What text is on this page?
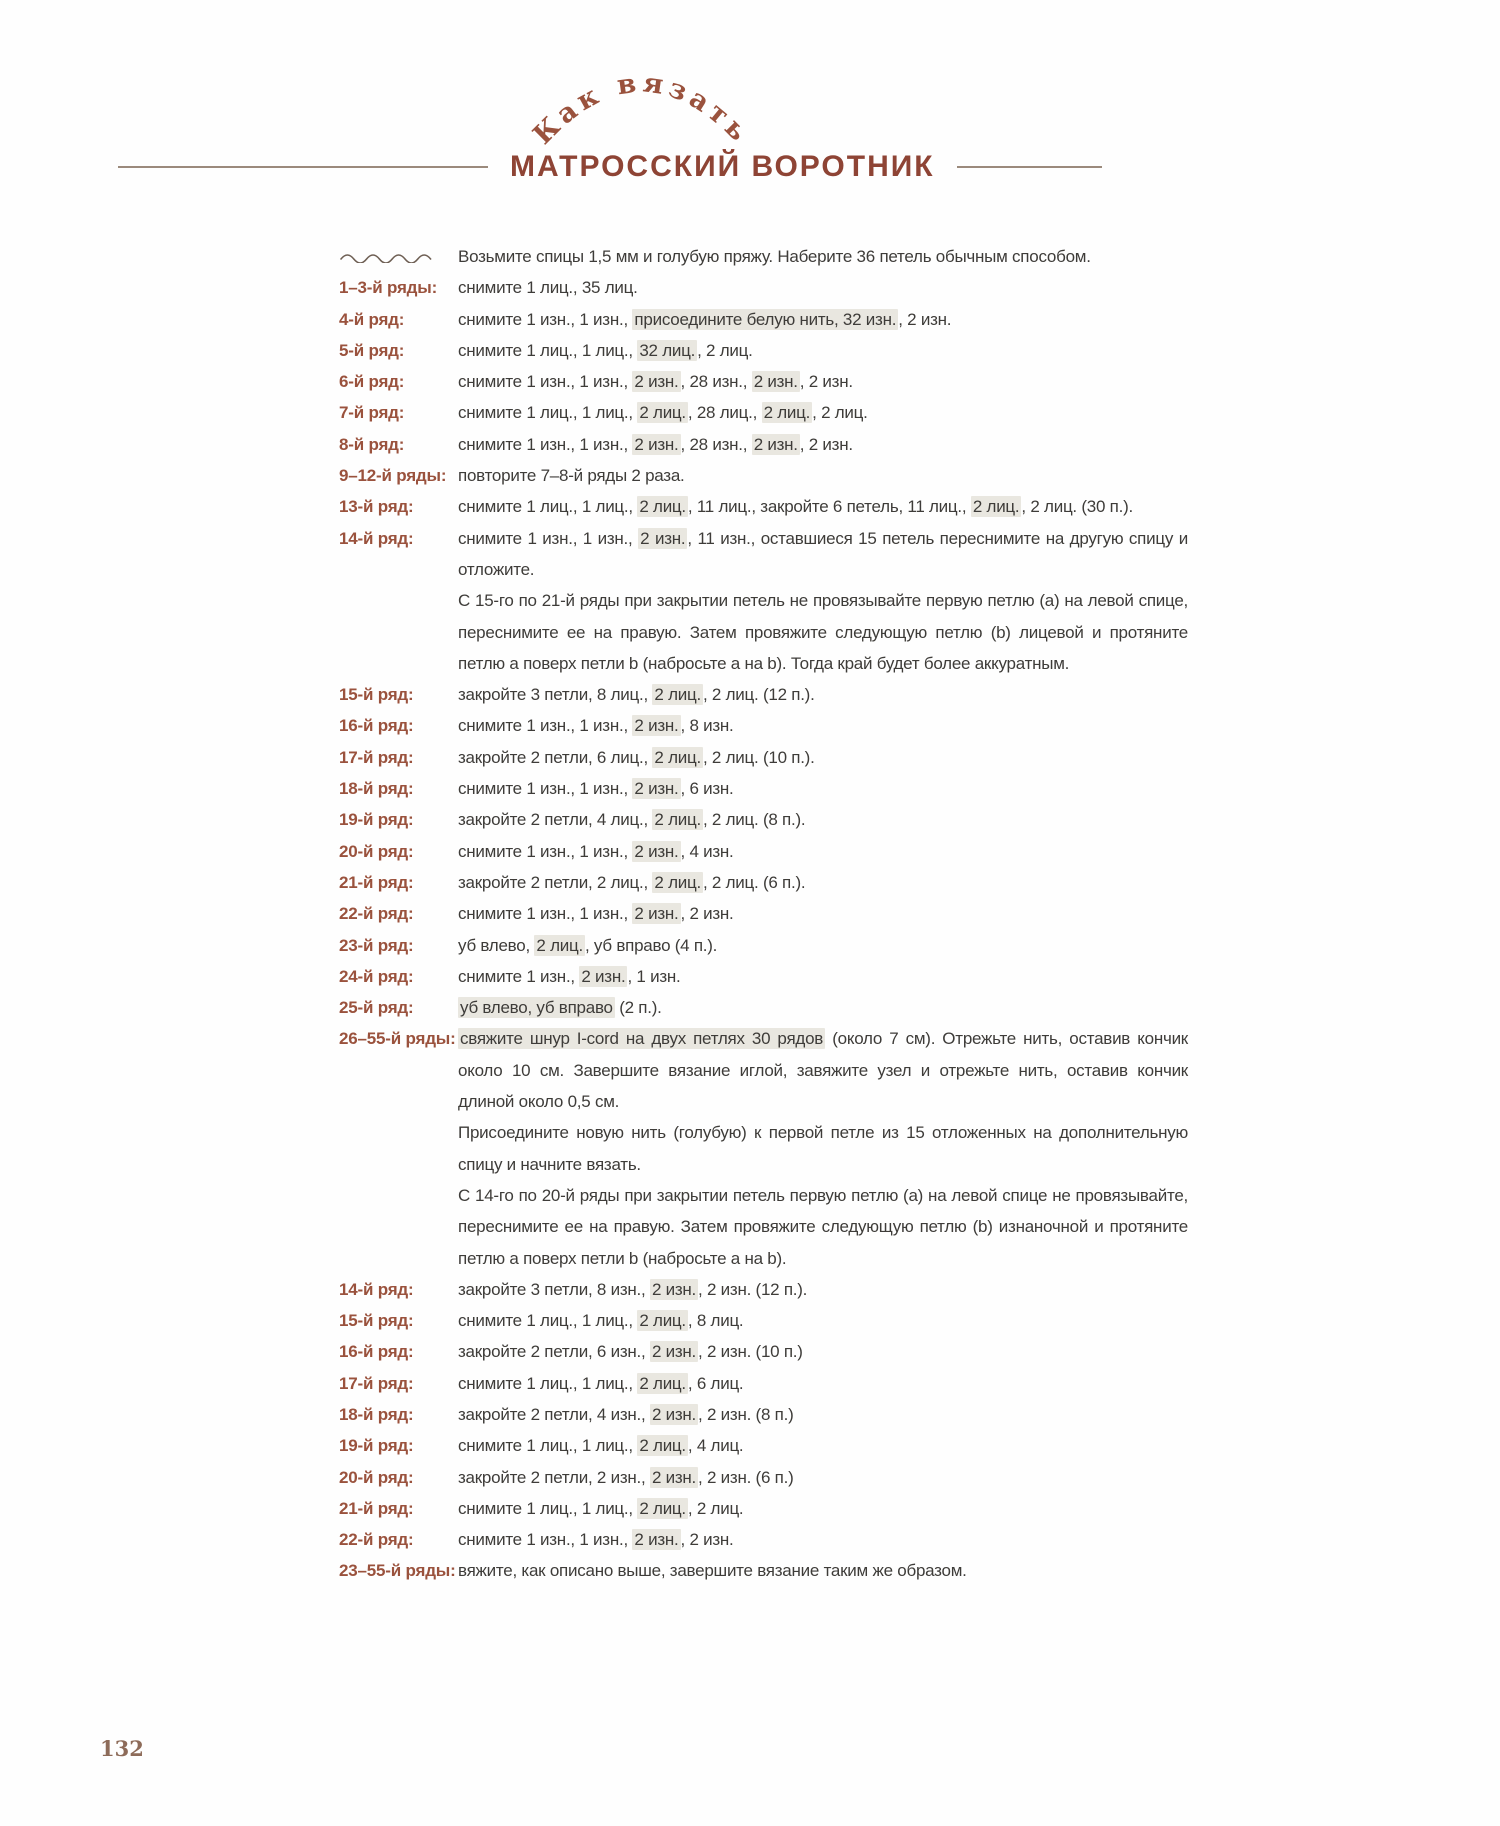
Как вязать
МАТРОССКИЙ ВОРОТНИК
Возьмите спицы 1,5 мм и голубую пряжу. Наберите 36 петель обычным способом.
1–3-й ряды:	снимите 1 лиц., 35 лиц.
4-й ряд:	снимите 1 изн., 1 изн., присоедините белую нить, 32 изн. , 2 изн.
5-й ряд:	снимите 1 лиц., 1 лиц., 32 лиц. , 2 лиц.
6-й ряд:	снимите 1 изн., 1 изн., 2 изн. , 28 изн., 2 изн. , 2 изн.
7-й ряд:	снимите 1 лиц., 1 лиц., 2 лиц. , 28 лиц., 2 лиц. , 2 лиц.
8-й ряд:	снимите 1 изн., 1 изн., 2 изн. , 28 изн., 2 изн. , 2 изн.
9–12-й ряды: повторите 7–8-й ряды 2 раза.
13-й ряд:	снимите 1 лиц., 1 лиц., 2 лиц. , 11 лиц., закройте 6 петель, 11 лиц., 2 лиц. , 2 лиц. (30 п.).
14-й ряд:	снимите 1 изн., 1 изн., 2 изн. , 11 изн., оставшиеся 15 петель переснимите на другую спицу и отложите.
С 15-го по 21-й ряды при закрытии петель не провязывайте первую петлю (a) на левой спице, переснимите ее на правую. Затем провяжите следующую петлю (b) лицевой и протяните петлю a поверх петли b (набросьте a на b). Тогда край будет более аккуратным.
15-й ряд:	закройте 3 петли, 8 лиц., 2 лиц. , 2 лиц. (12 п.).
16-й ряд:	снимите 1 изн., 1 изн., 2 изн. , 8 изн.
17-й ряд:	закройте 2 петли, 6 лиц., 2 лиц. , 2 лиц. (10 п.).
18-й ряд:	снимите 1 изн., 1 изн., 2 изн. , 6 изн.
19-й ряд:	закройте 2 петли, 4 лиц., 2 лиц. , 2 лиц. (8 п.).
20-й ряд:	снимите 1 изн., 1 изн., 2 изн. , 4 изн.
21-й ряд:	закройте 2 петли, 2 лиц., 2 лиц. , 2 лиц. (6 п.).
22-й ряд:	снимите 1 изн., 1 изн., 2 изн. , 2 изн.
23-й ряд:	уб влево, 2 лиц. , уб вправо (4 п.).
24-й ряд:	снимите 1 изн., 2 изн. , 1 изн.
25-й ряд:	уб влево, уб вправо (2 п.).
26–55-й ряды: свяжите шнур I-cord на двух петлях 30 рядов (около 7 см). Отрежьте нить, оставив кончик около 10 см. Завершите вязание иглой, завяжите узел и отрежьте нить, оставив кончик длиной около 0,5 см.
Присоедините новую нить (голубую) к первой петле из 15 отложенных на дополнительную спицу и начните вязать.
С 14-го по 20-й ряды при закрытии петель первую петлю (a) на левой спице не провязывайте, переснимите ее на правую. Затем провяжите следующую петлю (b) изнаночной и протяните петлю a поверх петли b (набросьте a на b).
14-й ряд:	закройте 3 петли, 8 изн., 2 изн. , 2 изн. (12 п.).
15-й ряд:	снимите 1 лиц., 1 лиц., 2 лиц. , 8 лиц.
16-й ряд:	закройте 2 петли, 6 изн., 2 изн. , 2 изн. (10 п.)
17-й ряд:	снимите 1 лиц., 1 лиц., 2 лиц. , 6 лиц.
18-й ряд:	закройте 2 петли, 4 изн., 2 изн. , 2 изн. (8 п.)
19-й ряд:	снимите 1 лиц., 1 лиц., 2 лиц. , 4 лиц.
20-й ряд:	закройте 2 петли, 2 изн., 2 изн. , 2 изн. (6 п.)
21-й ряд:	снимите 1 лиц., 1 лиц., 2 лиц. , 2 лиц.
22-й ряд:	снимите 1 изн., 1 изн., 2 изн. , 2 изн.
23–55-й ряды: вяжите, как описано выше, завершите вязание таким же образом.
132
